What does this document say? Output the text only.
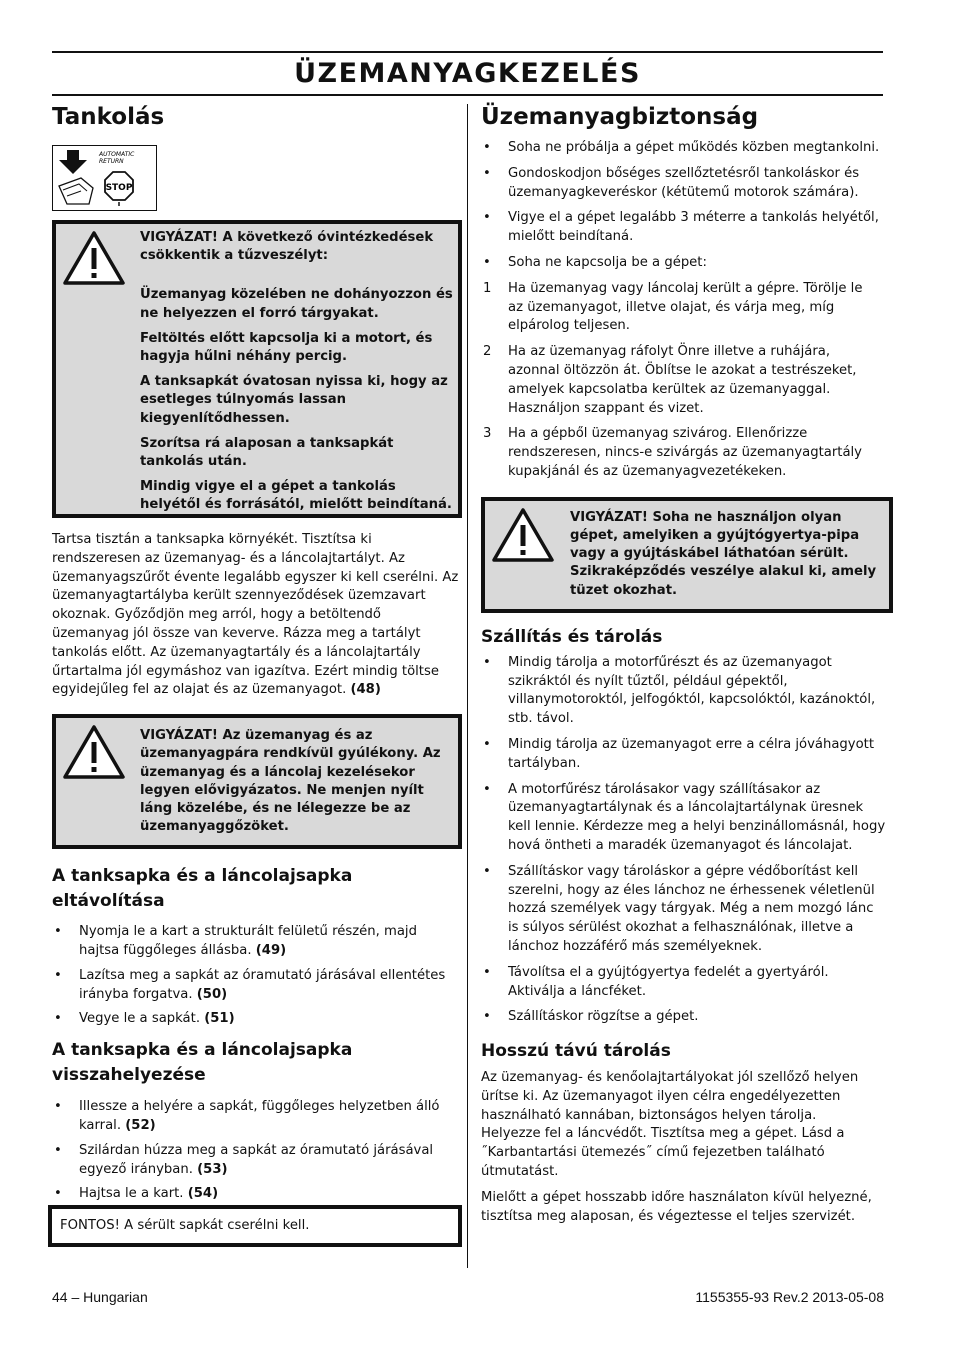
ÜZEMANYAGKEZELÉS
Tankolás
AUTOMATIC
RETURN
STOP

VIGYÁZAT! A következő óvintézkedések csökkentik a tűzveszélyt:

Üzemanyag közelében ne dohányozzon és ne helyezzen el forró tárgyakat.

Feltöltés előtt kapcsolja ki a motort, és hagyja hűlni néhány percig.

A tanksapkát óvatosan nyissa ki, hogy az esetleges túlnyomás lassan kiegyenlítődhessen.

Szorítsa rá alaposan a tanksapkát tankolás után.

Mindig vigye el a gépet a tankolás helyétől és forrásától, mielőtt beindítaná.

Tartsa tisztán a tanksapka környékét. Tisztítsa ki rendszeresen az üzemanyag- és a láncolajtartályt. Az üzemanyagszűrőt évente legalább egyszer ki kell cserélni. Az üzemanyagtartályba került szennyeződések üzemzavart okoznak. Győződjön meg arról, hogy a betöltendő üzemanyag jól össze van keverve. Rázza meg a tartályt tankolás előtt. Az üzemanyagtartály és a láncolajtartály űrtartalma jól egymáshoz van igazítva. Ezért mindig töltse egyidejűleg fel az olajat és az üzemanyagot. (48)

VIGYÁZAT! Az üzemanyag és az üzemanyagpára rendkívül gyúlékony. Az üzemanyag és a láncolaj kezelésekor legyen elővigyázatos. Ne menjen nyílt láng közelébe, és ne lélegezze be az üzemanyaggőzöket.

A tanksapka és a láncolajsapka eltávolítása
• Nyomja le a kart a strukturált felületű részén, majd hajtsa függőleges állásba. (49)
• Lazítsa meg a sapkát az óramutató járásával ellentétes irányba forgatva. (50)
• Vegye le a sapkát. (51)
A tanksapka és a láncolajsapka visszahelyezése
• Illessze a helyére a sapkát, függőleges helyzetben álló karral. (52)
• Szilárdan húzza meg a sapkát az óramutató járásával egyező irányban. (53)
• Hajtsa le a kart. (54)
FONTOS! A sérült sapkát cserélni kell.
Üzemanyagbiztonság
• Soha ne próbálja a gépet működés közben megtankolni.
• Gondoskodjon bőséges szellőztetésről tankoláskor és üzemanyagkeveréskor (kétütemű motorok számára).
• Vigye el a gépet legalább 3 méterre a tankolás helyétől, mielőtt beindítaná.
• Soha ne kapcsolja be a gépet:
1 Ha üzemanyag vagy láncolaj került a gépre. Törölje le az üzemanyagot, illetve olajat, és várja meg, míg elpárolog teljesen.
2 Ha az üzemanyag ráfolyt Önre illetve a ruhájára, azonnal öltözzön át. Öblítse le azokat a testrészeket, amelyek kapcsolatba kerültek az üzemanyaggal. Használjon szappant és vizet.
3 Ha a gépből üzemanyag szivárog. Ellenőrizze rendszeresen, nincs-e szivárgás az üzemanyagtartály kupakjánál és az üzemanyagvezetékeken.

VIGYÁZAT! Soha ne használjon olyan gépet, amelyiken a gyújtógyertya-pipa vagy a gyújtáskábel láthatóan sérült. Szikraképződés veszélye alakul ki, amely tüzet okozhat.

Szállítás és tárolás
• Mindig tárolja a motorfűrészt és az üzemanyagot szikráktól és nyílt tűztől, például gépektől, villanymotoroktól, jelfogóktól, kapcsolóktól, kazánoktól, stb. távol.
• Mindig tárolja az üzemanyagot erre a célra jóváhagyott tartályban.
• A motorfűrész tárolásakor vagy szállításakor az üzemanyagtartálynak és a láncolajtartálynak üresnek kell lennie. Kérdezze meg a helyi benzinállomásnál, hogy hová öntheti a maradék üzemanyagot és láncolajat.
• Szállításkor vagy tároláskor a gépre védőborítást kell szerelni, hogy az éles lánchoz ne érhessenek véletlenül hozzá személyek vagy tárgyak. Még a nem mozgó lánc is súlyos sérülést okozhat a felhasználónak, illetve a lánchoz hozzáférő más személyeknek.
• Távolítsa el a gyújtógyertya fedelét a gyertyáról. Aktiválja a láncféket.
• Szállításkor rögzítse a gépet.
Hosszú távú tárolás

Az üzemanyag- és kenőolajtartályokat jól szellőző helyen ürítse ki. Az üzemanyagot ilyen célra engedélyezetten használható kannában, biztonságos helyen tárolja. Helyezze fel a láncvédőt. Tisztítsa meg a gépet. Lásd a ˝Karbantartási ütemezés˝ című fejezetben található útmutatást.

Mielőtt a gépet hosszabb időre használaton kívül helyezné, tisztítsa meg alaposan, és végeztesse el teljes szervizét.

44 – Hungarian	1155355-93 Rev.2 2013-05-08
